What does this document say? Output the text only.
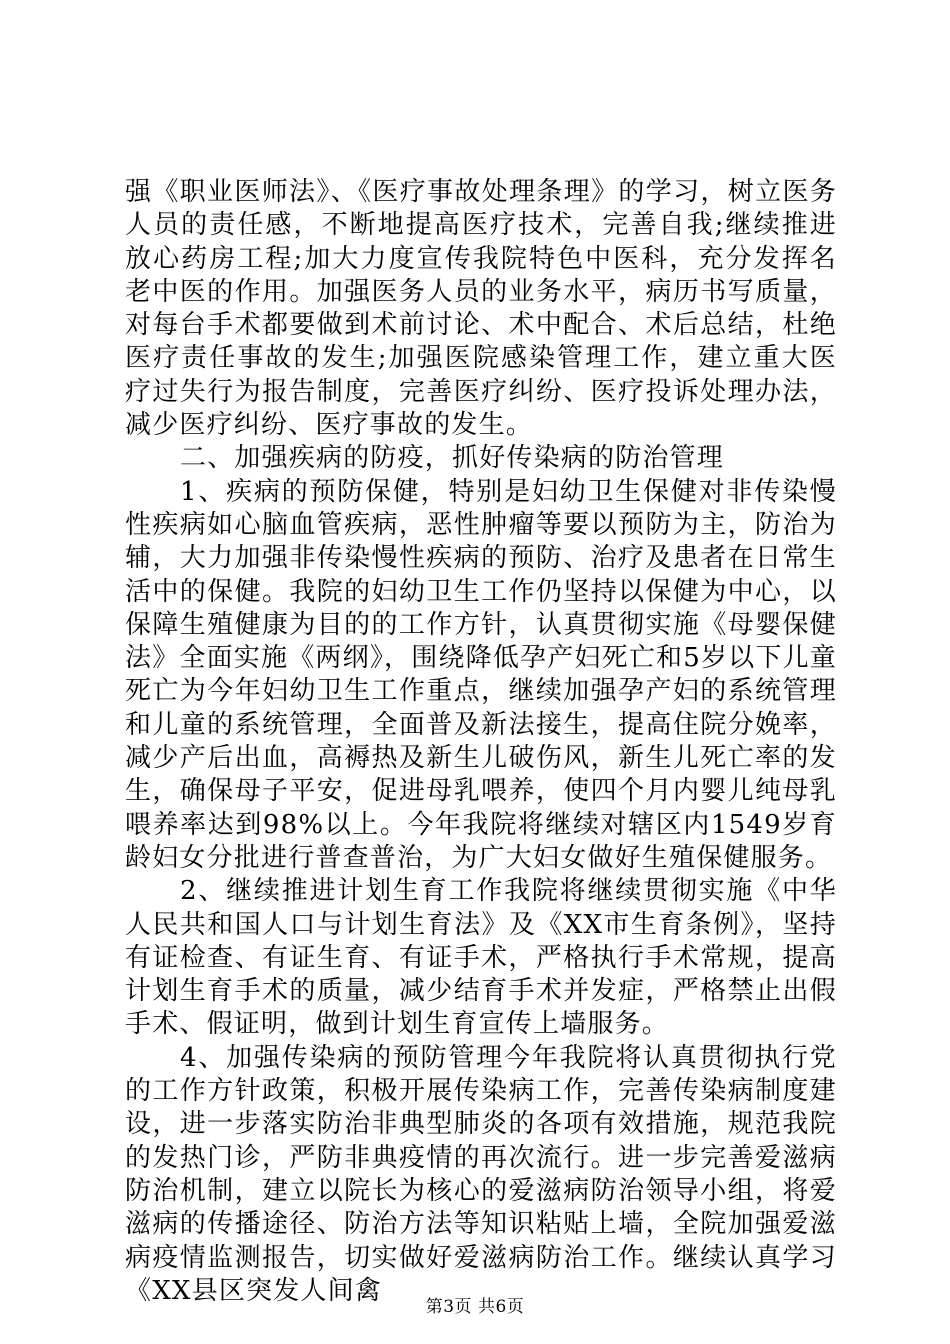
强《职业医师法》、《医疗事故处理条理》的学习，树立医务人员的责任感，不断地提高医疗技术，完善自我;继续推进放心药房工程;加大力度宣传我院特色中医科，充分发挥名老中医的作用。加强医务人员的业务水平，病历书写质量，对每台手术都要做到术前讨论、术中配合、术后总结，杜绝医疗责任事故的发生;加强医院感染管理工作，建立重大医疗过失行为报告制度，完善医疗纠纷、医疗投诉处理办法，减少医疗纠纷、医疗事故的发生。

二、加强疾病的防疫，抓好传染病的防治管理

1、疾病的预防保健，特别是妇幼卫生保健对非传染慢性疾病如心脑血管疾病，恶性肿瘤等要以预防为主，防治为辅，大力加强非传染慢性疾病的预防、治疗及患者在日常生活中的保健。我院的妇幼卫生工作仍坚持以保健为中心，以保障生殖健康为目的的工作方针，认真贯彻实施《母婴保健法》全面实施《两纲》，围绕降低孕产妇死亡和5岁以下儿童死亡为今年妇幼卫生工作重点，继续加强孕产妇的系统管理和儿童的系统管理，全面普及新法接生，提高住院分娩率，减少产后出血，高褥热及新生儿破伤风，新生儿死亡率的发生，确保母子平安，促进母乳喂养，使四个月内婴儿纯母乳喂养率达到98%以上。今年我院将继续对辖区内1549岁育龄妇女分批进行普查普治，为广大妇女做好生殖保健服务。

2、继续推进计划生育工作我院将继续贯彻实施《中华人民共和国人口与计划生育法》及《XX市生育条例》，坚持有证检查、有证生育、有证手术，严格执行手术常规，提高计划生育手术的质量，减少结育手术并发症，严格禁止出假手术、假证明，做到计划生育宣传上墙服务。

4、加强传染病的预防管理今年我院将认真贯彻执行党的工作方针政策，积极开展传染病工作，完善传染病制度建设，进一步落实防治非典型肺炎的各项有效措施，规范我院的发热门诊，严防非典疫情的再次流行。进一步完善爱滋病防治机制，建立以院长为核心的爱滋病防治领导小组，将爱滋病的传播途径、防治方法等知识粘贴上墙，全院加强爱滋病疫情监测报告，切实做好爱滋病防治工作。继续认真学习《XX县区突发人间禽

第3页 共6页
